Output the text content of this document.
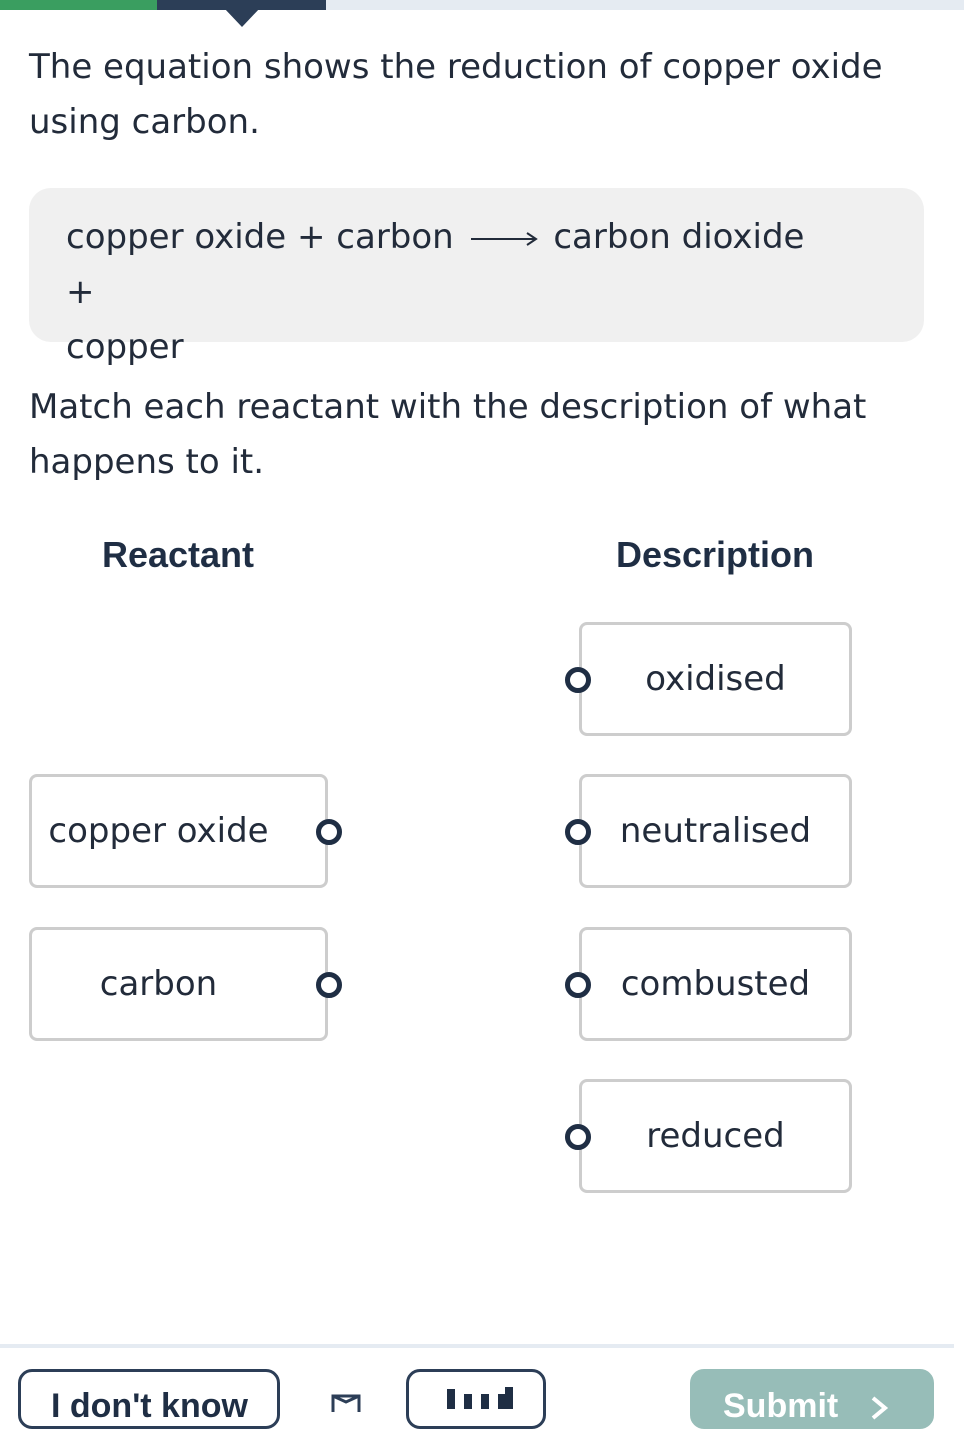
The equation shows the reduction of copper oxide using carbon.

copper oxide + carbon	carbon dioxide +
copper

Match each reactant with the description of what happens to it.

Reactant	Description
copper oxide
carbon
oxidised
neutralised
combusted
reduced
I don't know	Submit
